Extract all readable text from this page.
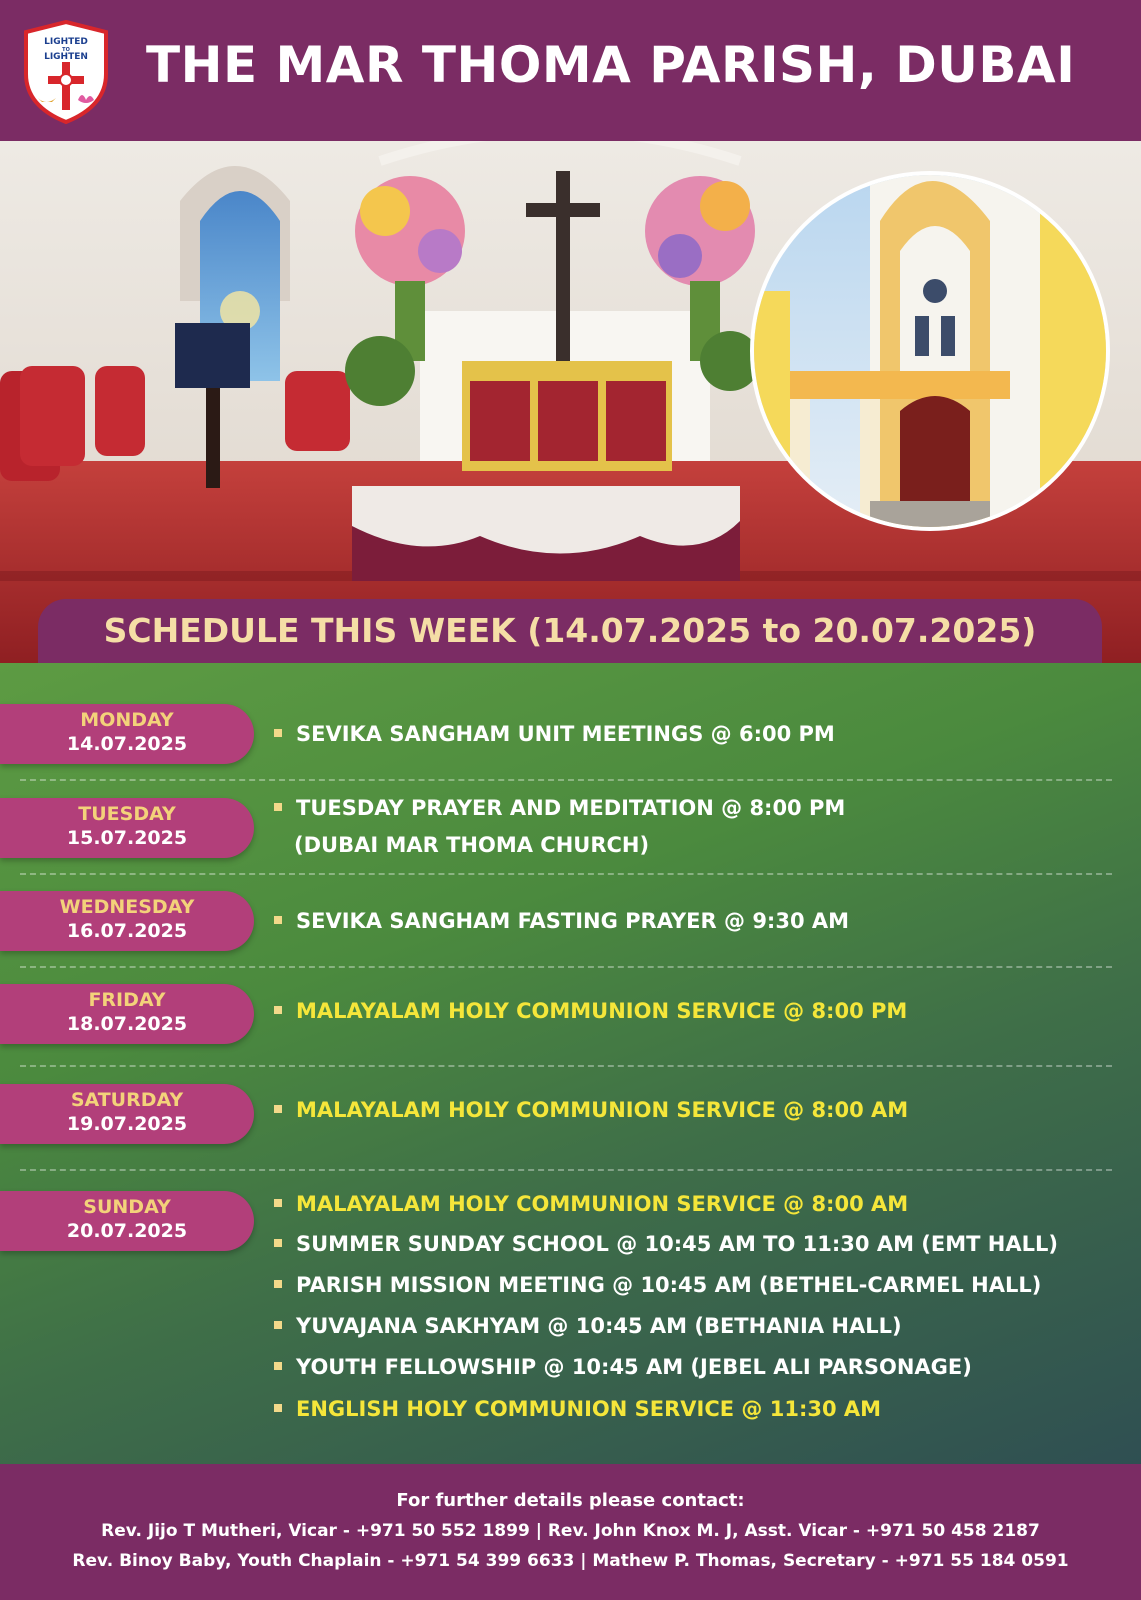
LIGHTED
TO
LIGHTEN THE MAR THOMA PARISH, DUBAI
SCHEDULE THIS WEEK (14.07.2025 to 20.07.2025)
MONDAY
14.07.2025	SEVIKA SANGHAM UNIT MEETINGS @ 6:00 PM
TUESDAY
15.07.2025
TUESDAY PRAYER AND MEDITATION @ 8:00 PM
(DUBAI MAR THOMA CHURCH)
WEDNESDAY
16.07.2025	SEVIKA SANGHAM FASTING PRAYER @ 9:30 AM
FRIDAY
18.07.2025
MALAYALAM HOLY COMMUNION SERVICE @ 8:00 PM
SATURDAY
19.07.2025
MALAYALAM HOLY COMMUNION SERVICE @ 8:00 AM
SUNDAY
20.07.2025
MALAYALAM HOLY COMMUNION SERVICE @ 8:00 AM
SUMMER SUNDAY SCHOOL @ 10:45 AM TO 11:30 AM (EMT HALL)
PARISH MISSION MEETING @ 10:45 AM (BETHEL-CARMEL HALL)
YUVAJANA SAKHYAM @ 10:45 AM (BETHANIA HALL)
YOUTH FELLOWSHIP @ 10:45 AM (JEBEL ALI PARSONAGE)
ENGLISH HOLY COMMUNION SERVICE @ 11:30 AM
For further details please contact:
Rev. Jijo T Mutheri, Vicar - +971 50 552 1899 | Rev. John Knox M. J, Asst. Vicar - +971 50 458 2187
Rev. Binoy Baby, Youth Chaplain - +971 54 399 6633 | Mathew P. Thomas, Secretary - +971 55 184 0591
